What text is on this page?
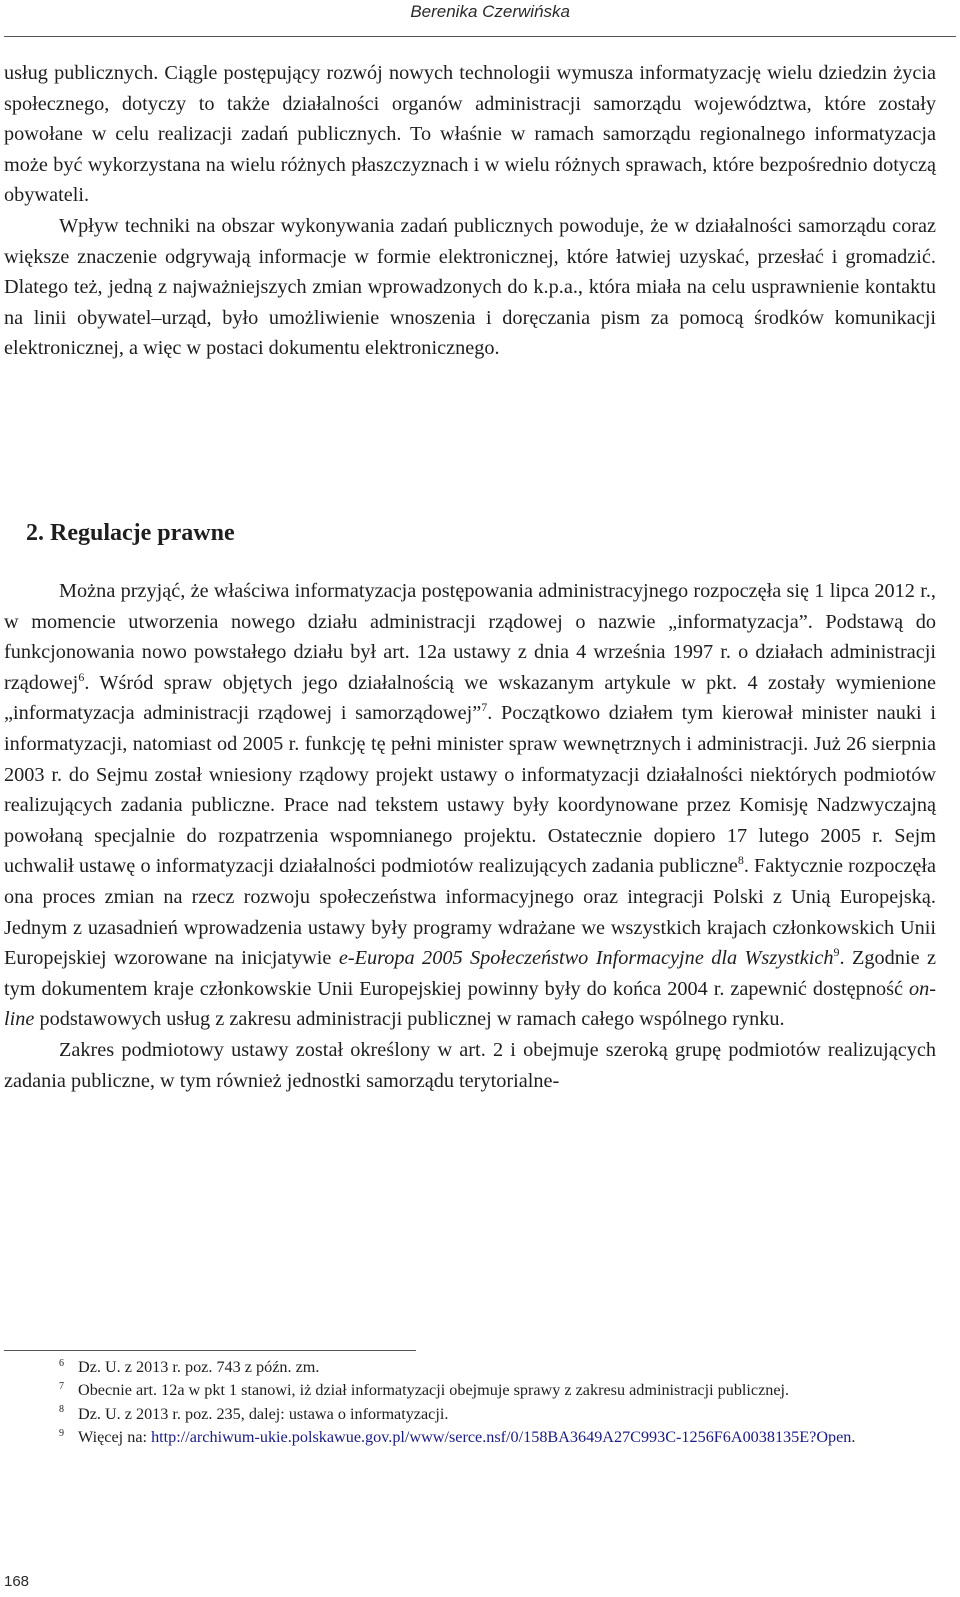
Berenika Czerwińska

usług publicznych. Ciągle postępujący rozwój nowych technologii wymusza informatyzację wielu dziedzin życia społecznego, dotyczy to także działalności organów administracji samorządu województwa, które zostały powołane w celu realizacji zadań publicznych. To właśnie w ramach samorządu regionalnego informatyzacja może być wykorzystana na wielu różnych płaszczyznach i w wielu różnych sprawach, które bezpośrednio dotyczą obywateli.

Wpływ techniki na obszar wykonywania zadań publicznych powoduje, że w działalności samorządu coraz większe znaczenie odgrywają informacje w formie elektronicznej, które łatwiej uzyskać, przesłać i gromadzić. Dlatego też, jedną z najważniejszych zmian wprowadzonych do k.p.a., która miała na celu usprawnienie kontaktu na linii obywatel–urząd, było umożliwienie wnoszenia i doręczania pism za pomocą środków komunikacji elektronicznej, a więc w postaci dokumentu elektronicznego.

2. Regulacje prawne

Można przyjąć, że właściwa informatyzacja postępowania administracyjnego rozpoczęła się 1 lipca 2012 r., w momencie utworzenia nowego działu administracji rządowej o nazwie „informatyzacja”. Podstawą do funkcjonowania nowo powstałego działu był art. 12a ustawy z dnia 4 września 1997 r. o działach administracji rządowej$^6$. Wśród spraw objętych jego działalnością we wskazanym artykule w pkt. 4 zostały wymienione „informatyzacja administracji rządowej i samorządowej”$^7$. Początkowo działem tym kierował minister nauki i informatyzacji, natomiast od 2005 r. funkcję tę pełni minister spraw wewnętrznych i administracji. Już 26 sierpnia 2003 r. do Sejmu został wniesiony rządowy projekt ustawy o informatyzacji działalności niektórych podmiotów realizujących zadania publiczne. Prace nad tekstem ustawy były koordynowane przez Komisję Nadzwyczajną powołaną specjalnie do rozpatrzenia wspomnianego projektu. Ostatecznie dopiero 17 lutego 2005 r. Sejm uchwalił ustawę o informatyzacji działalności podmiotów realizujących zadania publiczne$^8$. Faktycznie rozpoczęła ona proces zmian na rzecz rozwoju społeczeństwa informacyjnego oraz integracji Polski z Unią Europejską. Jednym z uzasadnień wprowadzenia ustawy były programy wdrażane we wszystkich krajach członkowskich Unii Europejskiej wzorowane na inicjatywie e-Europa 2005 Społeczeństwo Informacyjne dla Wszystkich$^9$. Zgodnie z tym dokumentem kraje członkowskie Unii Europejskiej powinny były do końca 2004 r. zapewnić dostępność on-line podstawowych usług z zakresu administracji publicznej w ramach całego wspólnego rynku.

Zakres podmiotowy ustawy został określony w art. 2 i obejmuje szeroką grupę podmiotów realizujących zadania publiczne, w tym również jednostki samorządu terytorialne-

$^6$ Dz. U. z 2013 r. poz. 743 z późn. zm.

$^7$ Obecnie art. 12a w pkt 1 stanowi, iż dział informatyzacji obejmuje sprawy z zakresu administracji publicznej.

$^8$ Dz. U. z 2013 r. poz. 235, dalej: ustawa o informatyzacji.

$^9$ Więcej na: http://archiwum-ukie.polskawue.gov.pl/www/serce.nsf/0/158BA3649A27C993C-1256F6A0038135E?Open.

168
